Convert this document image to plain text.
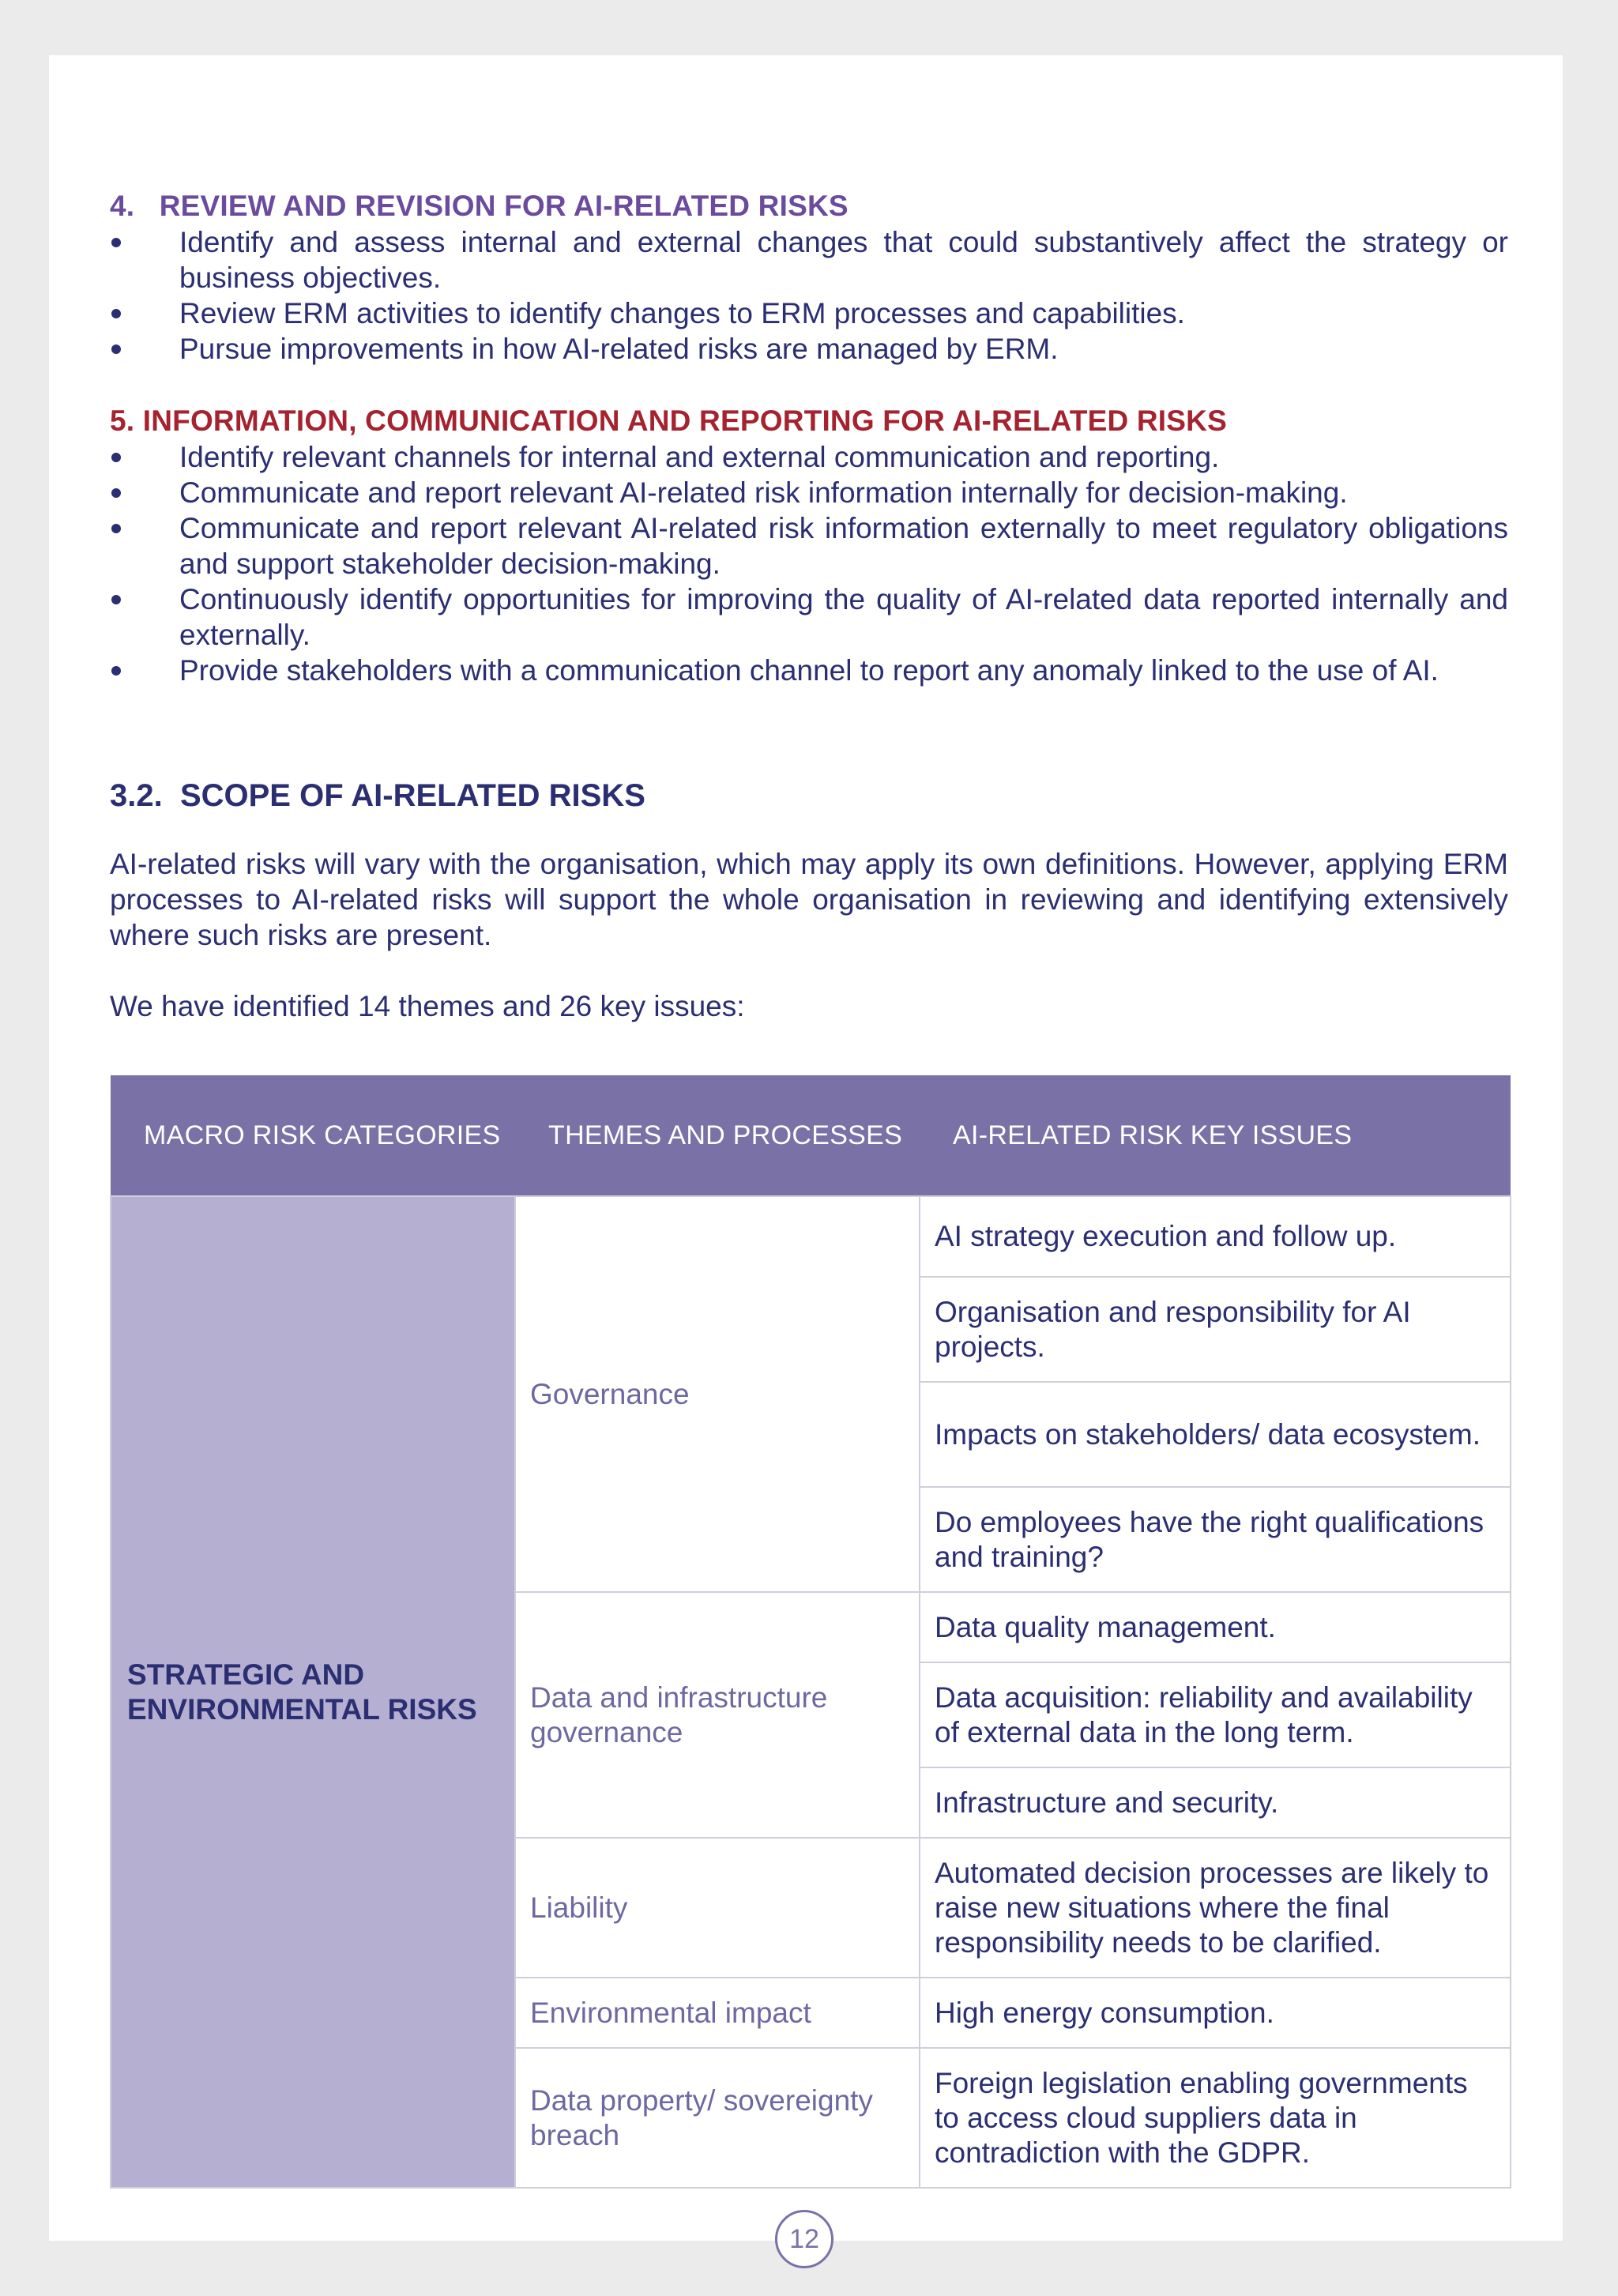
4.   REVIEW AND REVISION FOR AI-RELATED RISKS
Identify and assess internal and external changes that could substantively affect the strategy or business objectives.
Review ERM activities to identify changes to ERM processes and capabilities.
Pursue improvements in how AI-related risks are managed by ERM.
5. INFORMATION, COMMUNICATION AND REPORTING FOR AI-RELATED RISKS
Identify relevant channels for internal and external communication and reporting.
Communicate and report relevant AI-related risk information internally for decision-making.
Communicate and report relevant AI-related risk information externally to meet regulatory obligations and support stakeholder decision-making.
Continuously identify opportunities for improving the quality of AI-related data reported internally and externally.
Provide stakeholders with a communication channel to report any anomaly linked to the use of AI.
3.2.  SCOPE OF AI-RELATED RISKS
AI-related risks will vary with the organisation, which may apply its own definitions. However, applying ERM processes to AI-related risks will support the whole organisation in reviewing and identifying extensively where such risks are present.
We have identified 14 themes and 26 key issues:
MACRO RISK CATEGORIES	THEMES AND PROCESSES	AI-RELATED RISK KEY ISSUES
STRATEGIC AND ENVIRONMENTAL RISKS	Governance	AI strategy execution and follow up.
		Organisation and responsibility for AI projects.
		Impacts on stakeholders/ data ecosystem.
		Do employees have the right qualifications and training?
	Data and infrastructure governance	Data quality management.
		Data acquisition: reliability and availability of external data in the long term.
		Infrastructure and security.
	Liability	Automated decision processes are likely to raise new situations where the final responsibility needs to be clarified.
	Environmental impact	High energy consumption.
	Data property/ sovereignty breach	Foreign legislation enabling governments to access cloud suppliers data in contradiction with the GDPR.
12
